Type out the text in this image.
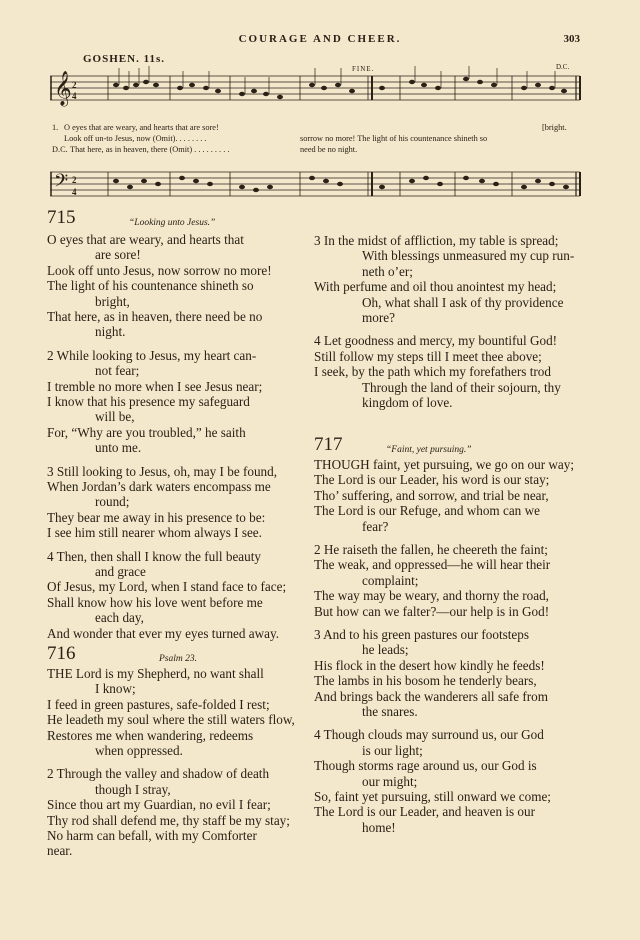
COURAGE AND CHEER.	303
GOSHEN. 11s.
FINE.	D.C.
𝄞 2
4
1. O eyes that are weary, and hearts that are sore!
Look off un-to Jesus, now (Omit). . . . . . . .	sorrow no more! The light of his countenance shineth so
[bright.
D.C. That here, as in heaven, there (Omit) . . . . . . . . .	need be no night.
𝄢 2
4
715	“Looking unto Jesus.”
O eyes that are weary, and hearts that
are sore!
Look off unto Jesus, now sorrow no more!
The light of his countenance shineth so
bright,
That here, as in heaven, there need be no
night.
2 While looking to Jesus, my heart can-
not fear;
I tremble no more when I see Jesus near;
I know that his presence my safeguard
will be,
For, “Why are you troubled,” he saith
unto me.
3 Still looking to Jesus, oh, may I be found,
When Jordan’s dark waters encompass me
round;
They bear me away in his presence to be:
I see him still nearer whom always I see.
4 Then, then shall I know the full beauty
and grace
Of Jesus, my Lord, when I stand face to face;
Shall know how his love went before me
each day,
And wonder that ever my eyes turned away.
716	Psalm 23.
THE Lord is my Shepherd, no want shall
I know;
I feed in green pastures, safe-folded I rest;
He leadeth my soul where the still waters flow,
Restores me when wandering, redeems
when oppressed.
2 Through the valley and shadow of death
though I stray,
Since thou art my Guardian, no evil I fear;
Thy rod shall defend me, thy staff be my stay;
No harm can befall, with my Comforter
near.
3 In the midst of affliction, my table is spread;
With blessings unmeasured my cup run-
neth o’er;
With perfume and oil thou anointest my head;
Oh, what shall I ask of thy providence
more?
4 Let goodness and mercy, my bountiful God!
Still follow my steps till I meet thee above;
I seek, by the path which my forefathers trod
Through the land of their sojourn, thy
kingdom of love.
717	“Faint, yet pursuing.”
THOUGH faint, yet pursuing, we go on our way;
The Lord is our Leader, his word is our stay;
Tho’ suffering, and sorrow, and trial be near,
The Lord is our Refuge, and whom can we
fear?
2 He raiseth the fallen, he cheereth the faint;
The weak, and oppressed—he will hear their
complaint;
The way may be weary, and thorny the road,
But how can we falter?—our help is in God!
3 And to his green pastures our footsteps
he leads;
His flock in the desert how kindly he feeds!
The lambs in his bosom he tenderly bears,
And brings back the wanderers all safe from
the snares.
4 Though clouds may surround us, our God
is our light;
Though storms rage around us, our God is
our might;
So, faint yet pursuing, still onward we come;
The Lord is our Leader, and heaven is our
home!
